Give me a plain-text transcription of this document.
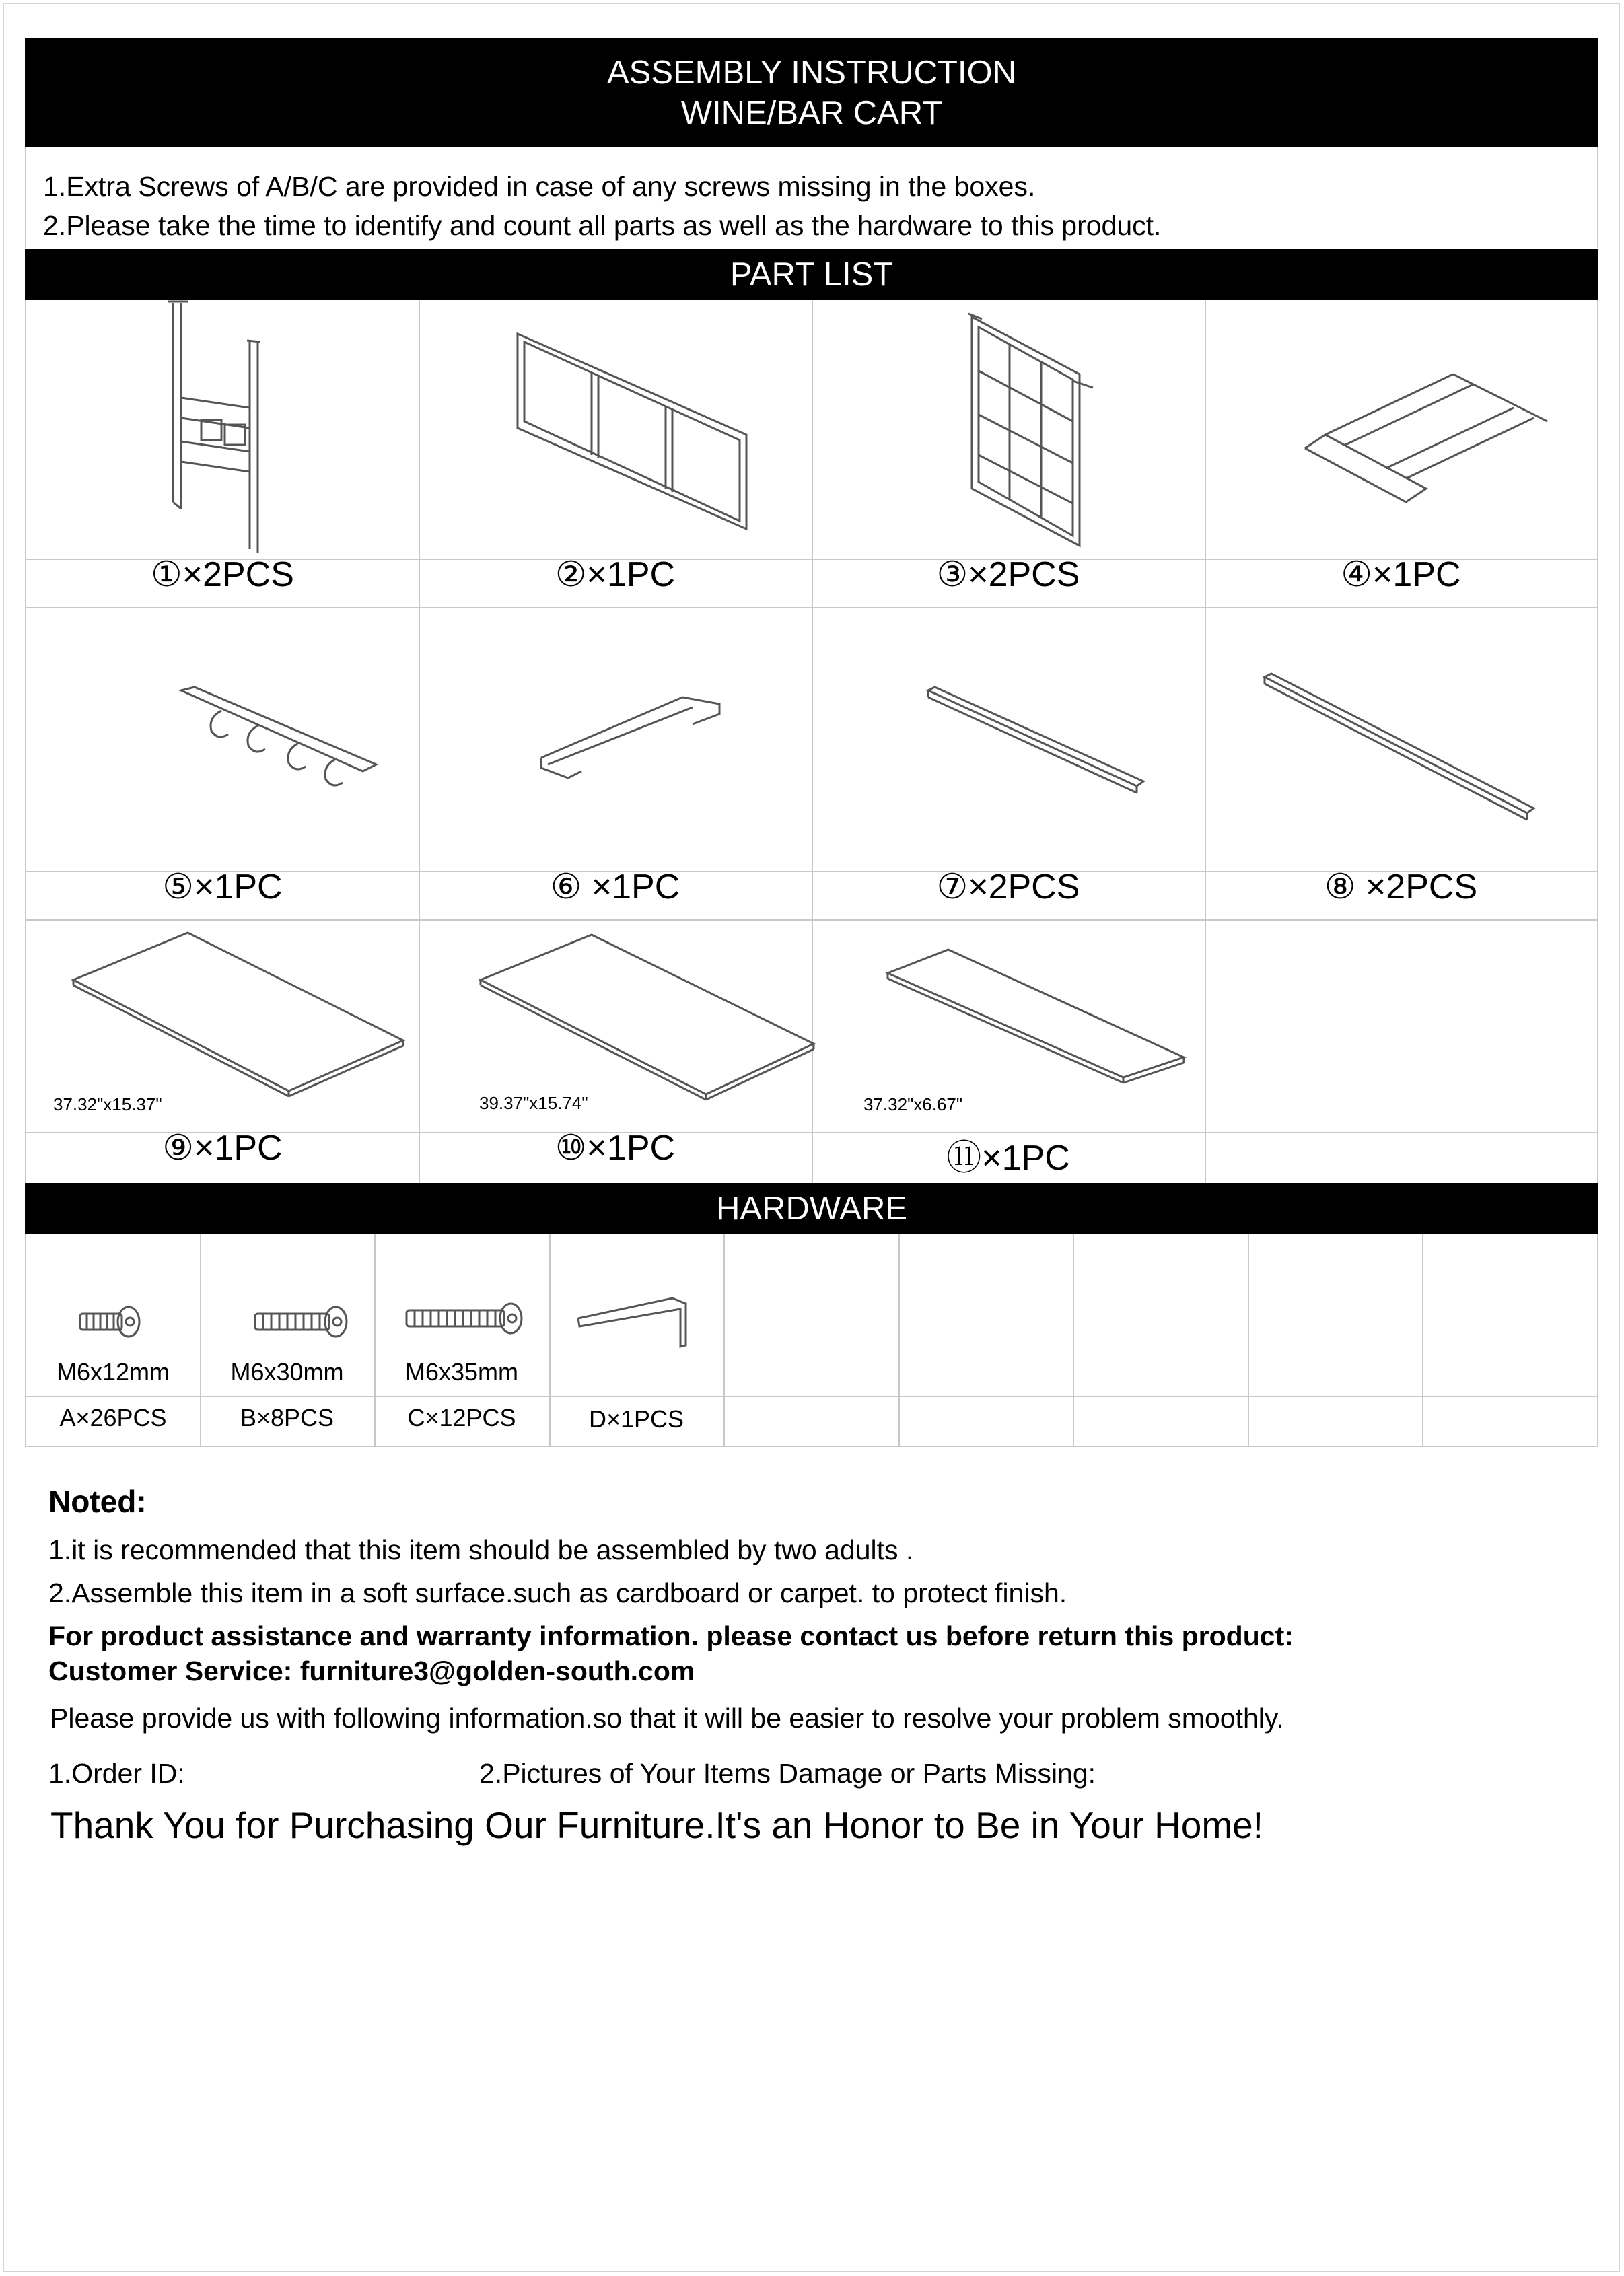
ASSEMBLY INSTRUCTION
WINE/BAR CART
1.Extra Screws of A/B/C are provided in case of any screws missing in the boxes.
2.Please take the time to identify and count all parts as well as the hardware to this product.
PART LIST
①×2PCS	②×1PC	③×2PCS	④×1PC
⑤×1PC	⑥ ×1PC	⑦×2PCS	⑧ ×2PCS
37.32"x15.37"	39.37"x15.74"	37.32"x6.67"
⑨×1PC	⑩×1PC	⑪×1PC
HARDWARE
M6x12mm	M6x30mm	M6x35mm
A×26PCS	B×8PCS	C×12PCS	D×1PCS
Noted:
1.it is recommended that this item should be assembled by two adults .
2.Assemble this item in a soft surface.such as cardboard or carpet. to protect finish.
For product assistance and warranty information. please contact us before return this product:
Customer Service: furniture3@golden-south.com
Please provide us with following information.so that it will be easier to resolve your problem smoothly.
1.Order ID:	2.Pictures of Your Items Damage or Parts Missing:
Thank You for Purchasing Our Furniture.It's an Honor to Be in Your Home!
